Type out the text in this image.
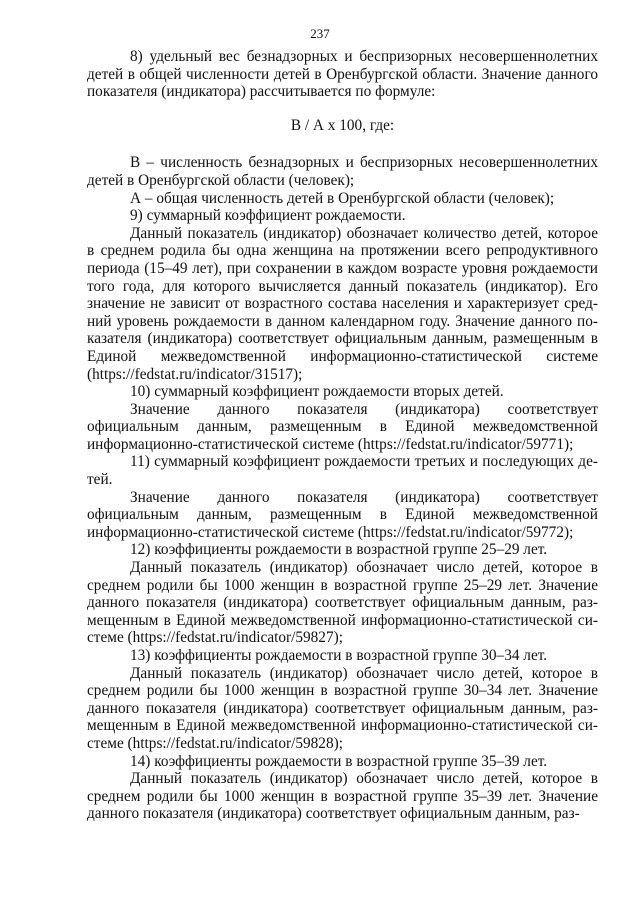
237

8) удельный вес безнадзорных и беспризорных несовершеннолетних детей в общей численности детей в Оренбургской области. Значение данного показателя (индикатора) рассчитывается по формуле:

В / А х 100, где:

В – численность безнадзорных и беспризорных несовершеннолетних детей в Оренбургской области (человек);

А – общая численность детей в Оренбургской области (человек);

9) суммарный коэффициент рождаемости.

Данный показатель (индикатор) обозначает количество детей, которое в среднем родила бы одна женщина на протяжении всего репродуктивного периода (15–49 лет), при сохранении в каждом возрасте уровня рождаемости того года, для которого вычисляется данный показатель (индикатор). Его значение не зависит от возрастного состава населения и характеризует средний уровень рождаемости в данном календарном году. Значение данного показателя (индикатора) соответствует официальным данным, размещенным в Единой межведомственной информационно-статистической системе (https://fedstat.ru/indicator/31517);

10) суммарный коэффициент рождаемости вторых детей.

Значение данного показателя (индикатора) соответствует официальным данным, размещенным в Единой межведомственной информационно-статистической системе (https://fedstat.ru/indicator/59771);

11) суммарный коэффициент рождаемости третьих и последующих детей.

Значение данного показателя (индикатора) соответствует официальным данным, размещенным в Единой межведомственной информационно-статистической системе (https://fedstat.ru/indicator/59772);

12) коэффициенты рождаемости в возрастной группе 25–29 лет.

Данный показатель (индикатор) обозначает число детей, которое в среднем родили бы 1000 женщин в возрастной группе 25–29 лет. Значение данного показателя (индикатора) соответствует официальным данным, размещенным в Единой межведомственной информационно-статистической системе (https://fedstat.ru/indicator/59827);

13) коэффициенты рождаемости в возрастной группе 30–34 лет.

Данный показатель (индикатор) обозначает число детей, которое в среднем родили бы 1000 женщин в возрастной группе 30–34 лет. Значение данного показателя (индикатора) соответствует официальным данным, размещенным в Единой межведомственной информационно-статистической системе (https://fedstat.ru/indicator/59828);

14) коэффициенты рождаемости в возрастной группе 35–39 лет.

Данный показатель (индикатор) обозначает число детей, которое в среднем родили бы 1000 женщин в возрастной группе 35–39 лет. Значение данного показателя (индикатора) соответствует официальным данным, раз-
